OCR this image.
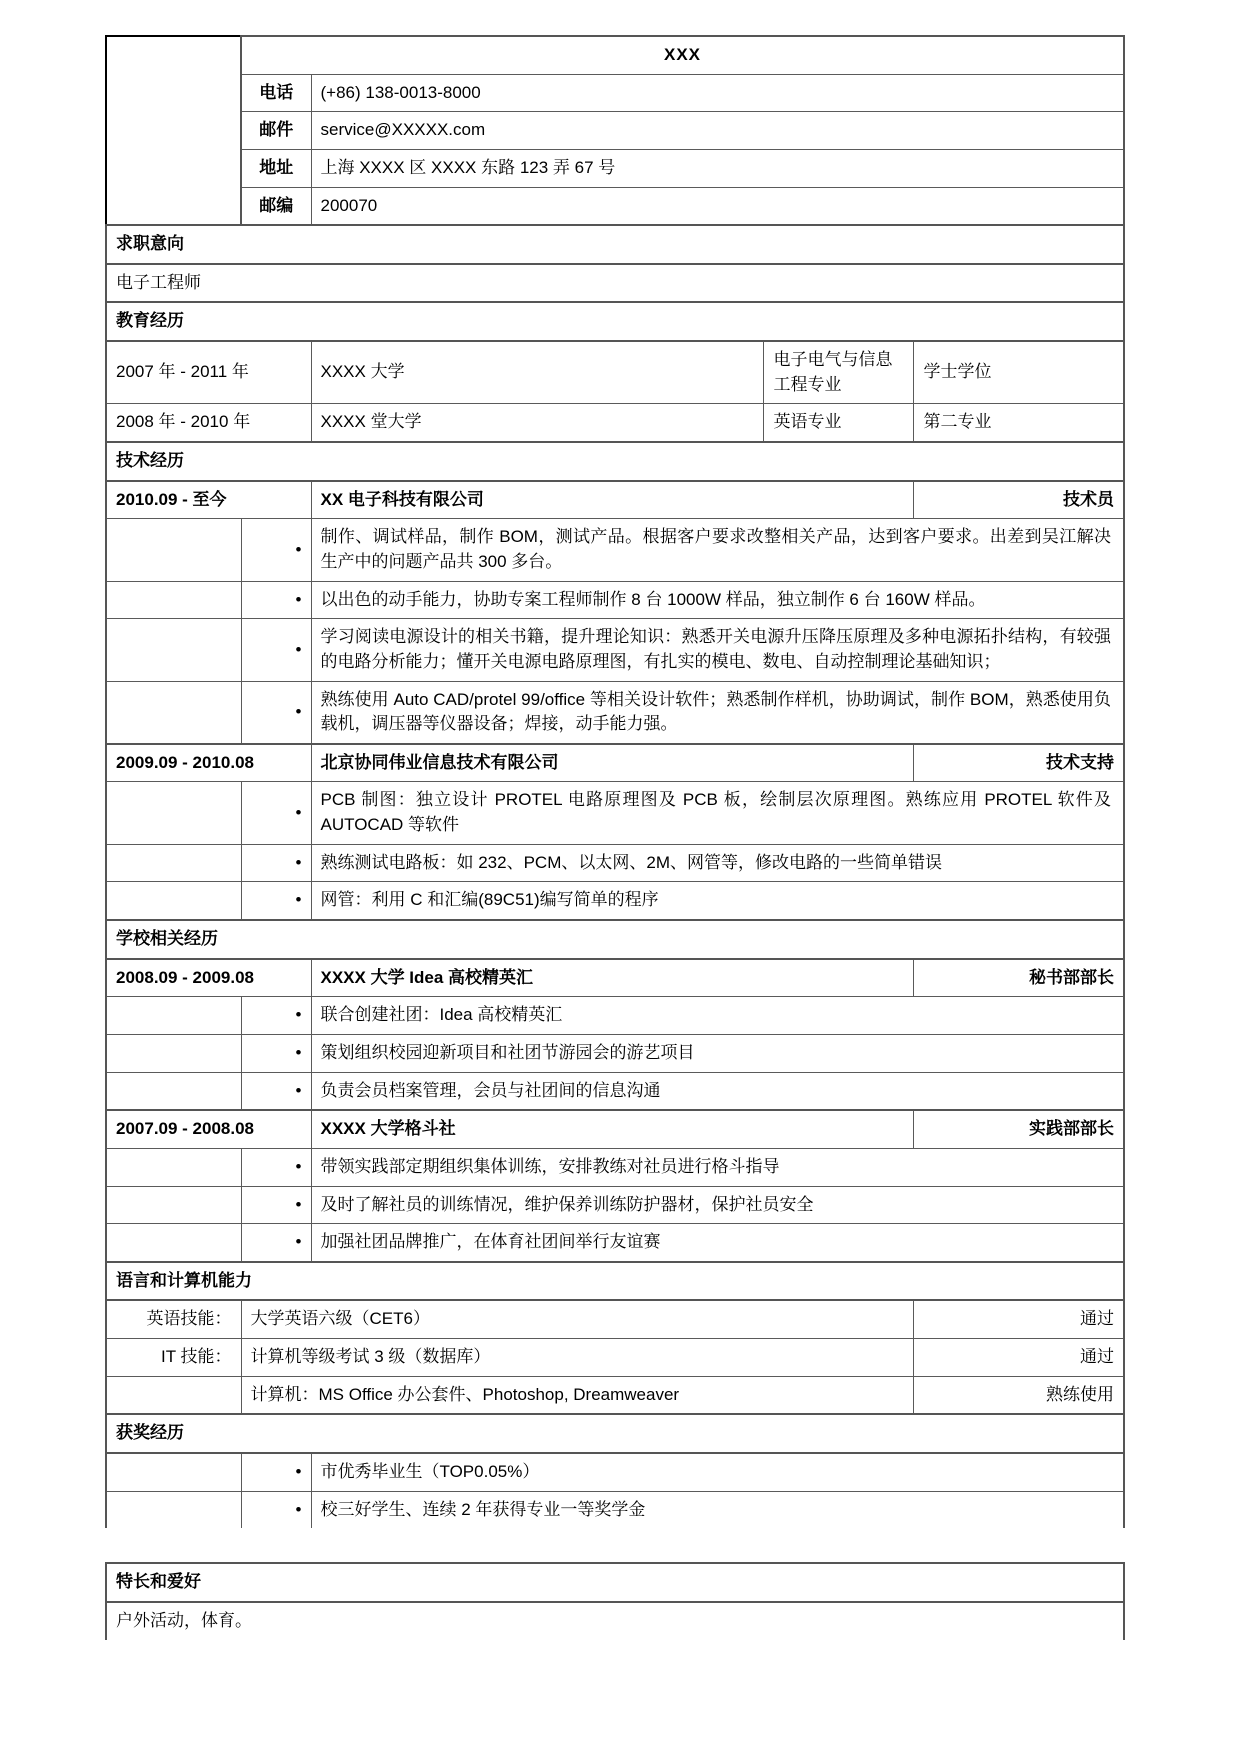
	XXX			
	电话	(+86) 138-0013-8000		
	邮件	service@XXXXX.com		
	地址	上海 XXXX 区 XXXX 东路 123 弄 67 号		
	邮编	200070		
求职意向				
电子工程师				
教育经历				
2007 年 - 2011 年		XXXX 大学	电子电气与信息工程专业	学士学位
2008 年 - 2010 年		XXXX 堂大学	英语专业	第二专业
技术经历				
2010.09 - 至今		XX 电子科技有限公司		技术员
	•	制作、调试样品，制作 BOM，测试产品。根据客户要求改整相关产品，达到客户要求。出差到吴江解决生产中的问题产品共 300 多台。		
	•	以出色的动手能力，协助专案工程师制作 8 台 1000W 样品，独立制作 6 台 160W 样品。		
	•	学习阅读电源设计的相关书籍，提升理论知识：熟悉开关电源升压降压原理及多种电源拓扑结构，有较强的电路分析能力；懂开关电源电路原理图，有扎实的模电、数电、自动控制理论基础知识；		
	•	熟练使用 Auto CAD/protel 99/office 等相关设计软件；熟悉制作样机，协助调试，制作 BOM，熟悉使用负载机，调压器等仪器设备；焊接，动手能力强。		
2009.09 - 2010.08		北京协同伟业信息技术有限公司		技术支持
	•	PCB 制图：独立设计 PROTEL 电路原理图及 PCB 板，绘制层次原理图。熟练应用 PROTEL 软件及 AUTOCAD 等软件		
	•	熟练测试电路板：如 232、PCM、以太网、2M、网管等，修改电路的一些简单错误		
	•	网管：利用 C 和汇编(89C51)编写简单的程序		
学校相关经历				
2008.09 - 2009.08		XXXX 大学 Idea 高校精英汇		秘书部部长
	•	联合创建社团：Idea 高校精英汇		
	•	策划组织校园迎新项目和社团节游园会的游艺项目		
	•	负责会员档案管理，会员与社团间的信息沟通		
2007.09 - 2008.08		XXXX 大学格斗社		实践部部长
	•	带领实践部定期组织集体训练，安排教练对社员进行格斗指导		
	•	及时了解社员的训练情况，维护保养训练防护器材，保护社员安全		
	•	加强社团品牌推广，在体育社团间举行友谊赛		
语言和计算机能力				
英语技能：	大学英语六级（CET6）			通过
IT 技能：	计算机等级考试 3 级（数据库）			通过
	计算机：MS Office 办公套件、Photoshop, Dreamweaver			熟练使用
获奖经历				
	•	市优秀毕业生（TOP0.05%）		
	•	校三好学生、连续 2 年获得专业一等奖学金		
特长和爱好
户外活动，体育。
